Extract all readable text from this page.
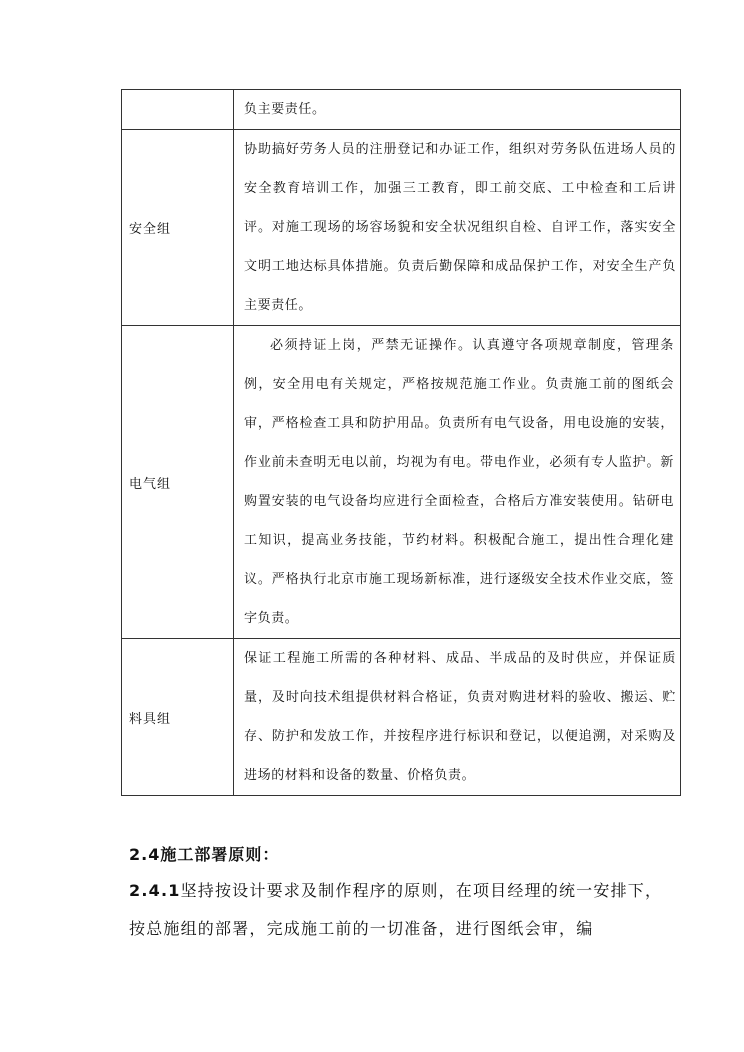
	负主要责任。

安全组	协助搞好劳务人员的注册登记和办证工作，组织对劳务队伍进场人员的安全教育培训工作，加强三工教育，即工前交底、工中检查和工后讲评。对施工现场的场容场貌和安全状况组织自检、自评工作，落实安全文明工地达标具体措施。负责后勤保障和成品保护工作，对安全生产负主要责任。

电气组	必须持证上岗，严禁无证操作。认真遵守各项规章制度，管理条例，安全用电有关规定，严格按规范施工作业。负责施工前的图纸会审，严格检查工具和防护用品。负责所有电气设备，用电设施的安装，作业前未查明无电以前，均视为有电。带电作业，必须有专人监护。新购置安装的电气设备均应进行全面检查，合格后方准安装使用。钻研电工知识，提高业务技能，节约材料。积极配合施工，提出性合理化建议。严格执行北京市施工现场新标准，进行逐级安全技术作业交底，签字负责。

料具组	保证工程施工所需的各种材料、成品、半成品的及时供应，并保证质量，及时向技术组提供材料合格证，负责对购进材料的验收、搬运、贮存、防护和发放工作，并按程序进行标识和登记，以便追溯，对采购及进场的材料和设备的数量、价格负责。
2.4施工部署原则：

2.4.1坚持按设计要求及制作程序的原则，在项目经理的统一安排下，按总施组的部署，完成施工前的一切准备，进行图纸会审，编
